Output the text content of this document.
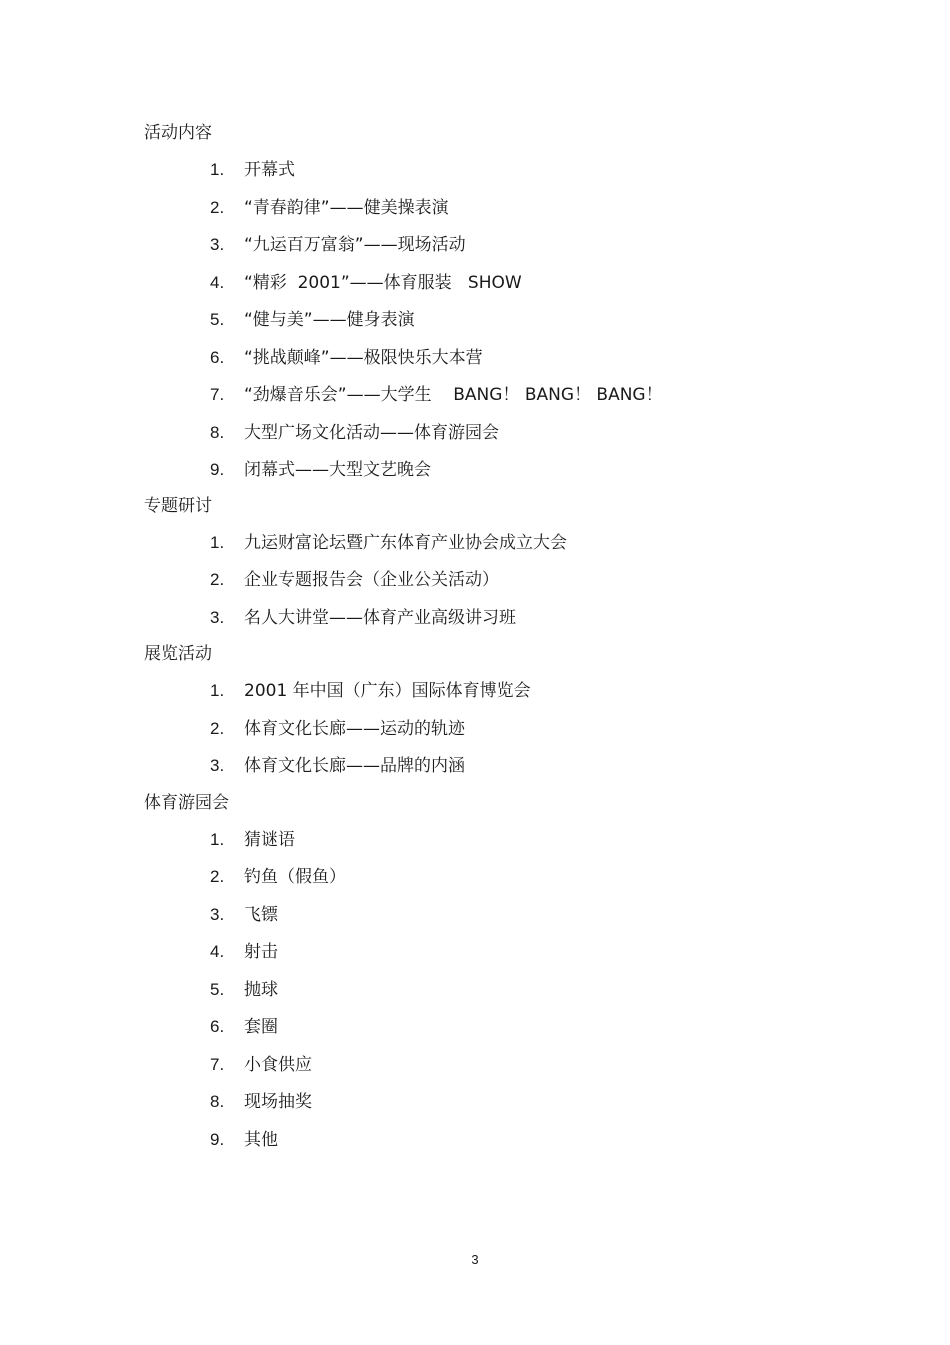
活动内容
1.	开幕式
2.	“青春韵律”——健美操表演
3.	“九运百万富翁”——现场活动
4.	“精彩  2001”——体育服装   SHOW
5.	“健与美”——健身表演
6.	“挑战颠峰”——极限快乐大本营
7.	“劲爆音乐会”——大学生    BANG！ BANG！ BANG！
8.	大型广场文化活动——体育游园会
9.	闭幕式——大型文艺晚会
专题研讨
1.	九运财富论坛暨广东体育产业协会成立大会
2.	企业专题报告会（企业公关活动）
3.	名人大讲堂——体育产业高级讲习班
展览活动
1.	2001 年中国（广东）国际体育博览会
2.	体育文化长廊——运动的轨迹
3.	体育文化长廊——品牌的内涵
体育游园会
1.	猜谜语
2.	钓鱼（假鱼）
3.	飞镖
4.	射击
5.	抛球
6.	套圈
7.	小食供应
8.	现场抽奖
9.	其他
3
